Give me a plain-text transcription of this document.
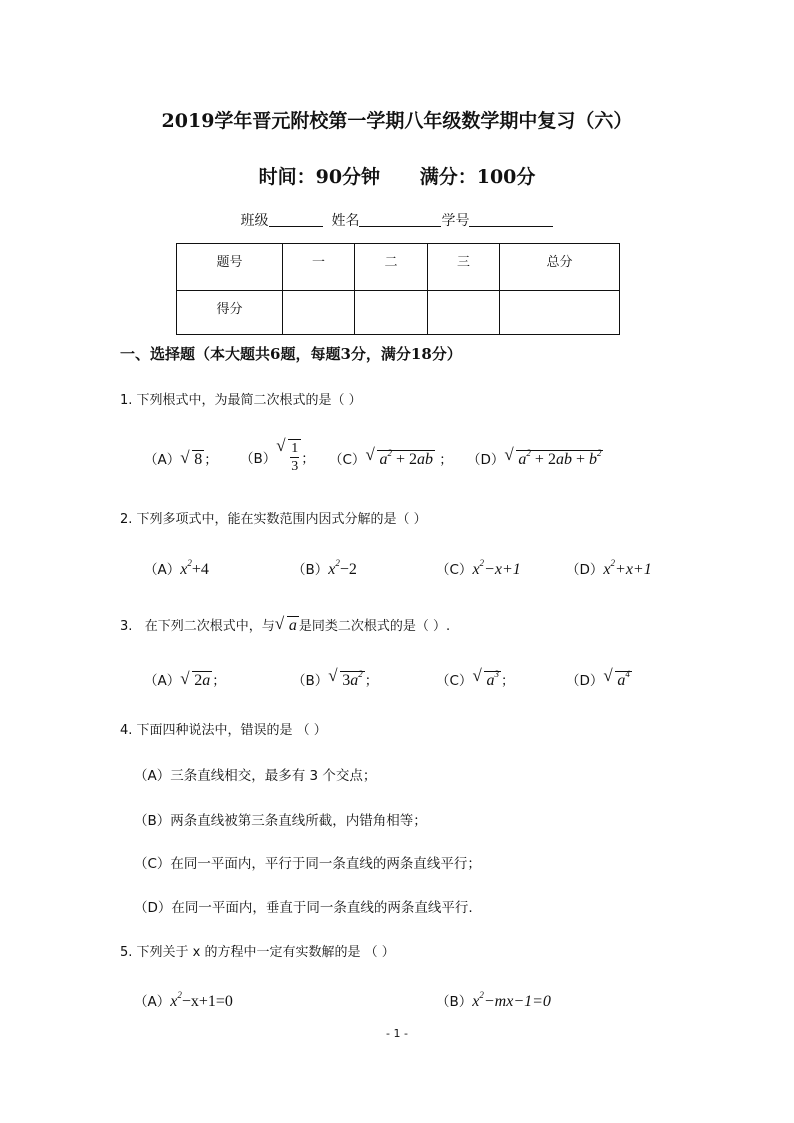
2019学年晋元附校第一学期八年级数学期中复习（六）
时间：90分钟      满分：100分
班级	姓名	学号
题号	一	二	三	总分
得分				
一、选择题（本大题共6题，每题3分，满分18分）
1. 下列根式中，为最简二次根式的是（ ）
（A） √ 8 ； （B） √ $\frac{1}{3}$ ； （C） √ $a^2 + 2ab$ ； （D） √ $a^2 + 2ab + b^2$
2. 下列多项式中，能在实数范围内因式分解的是（ ）
$(A)x^2+4$	$(B)x^2-2$	$(C)x^2-x+1$	$(D)x^2+x+1$
3.   在下列二次根式中，与 √ a 是同类二次根式的是（ ）.
（A） √ 2a ；	（B） √ $3a^2$ ；	（C） √ $a^3$ ；	（D） √ $a^4$
4. 下面四种说法中，错误的是 （ ）
（A）三条直线相交，最多有 3 个交点；
（B）两条直线被第三条直线所截，内错角相等；
（C）在同一平面内，平行于同一条直线的两条直线平行；
（D）在同一平面内，垂直于同一条直线的两条直线平行.
5. 下列关于 x 的方程中一定有实数解的是 （ ）
$(A)x^2-x+1=0$	$(B)x^2-mx-1=0$
- 1 -
